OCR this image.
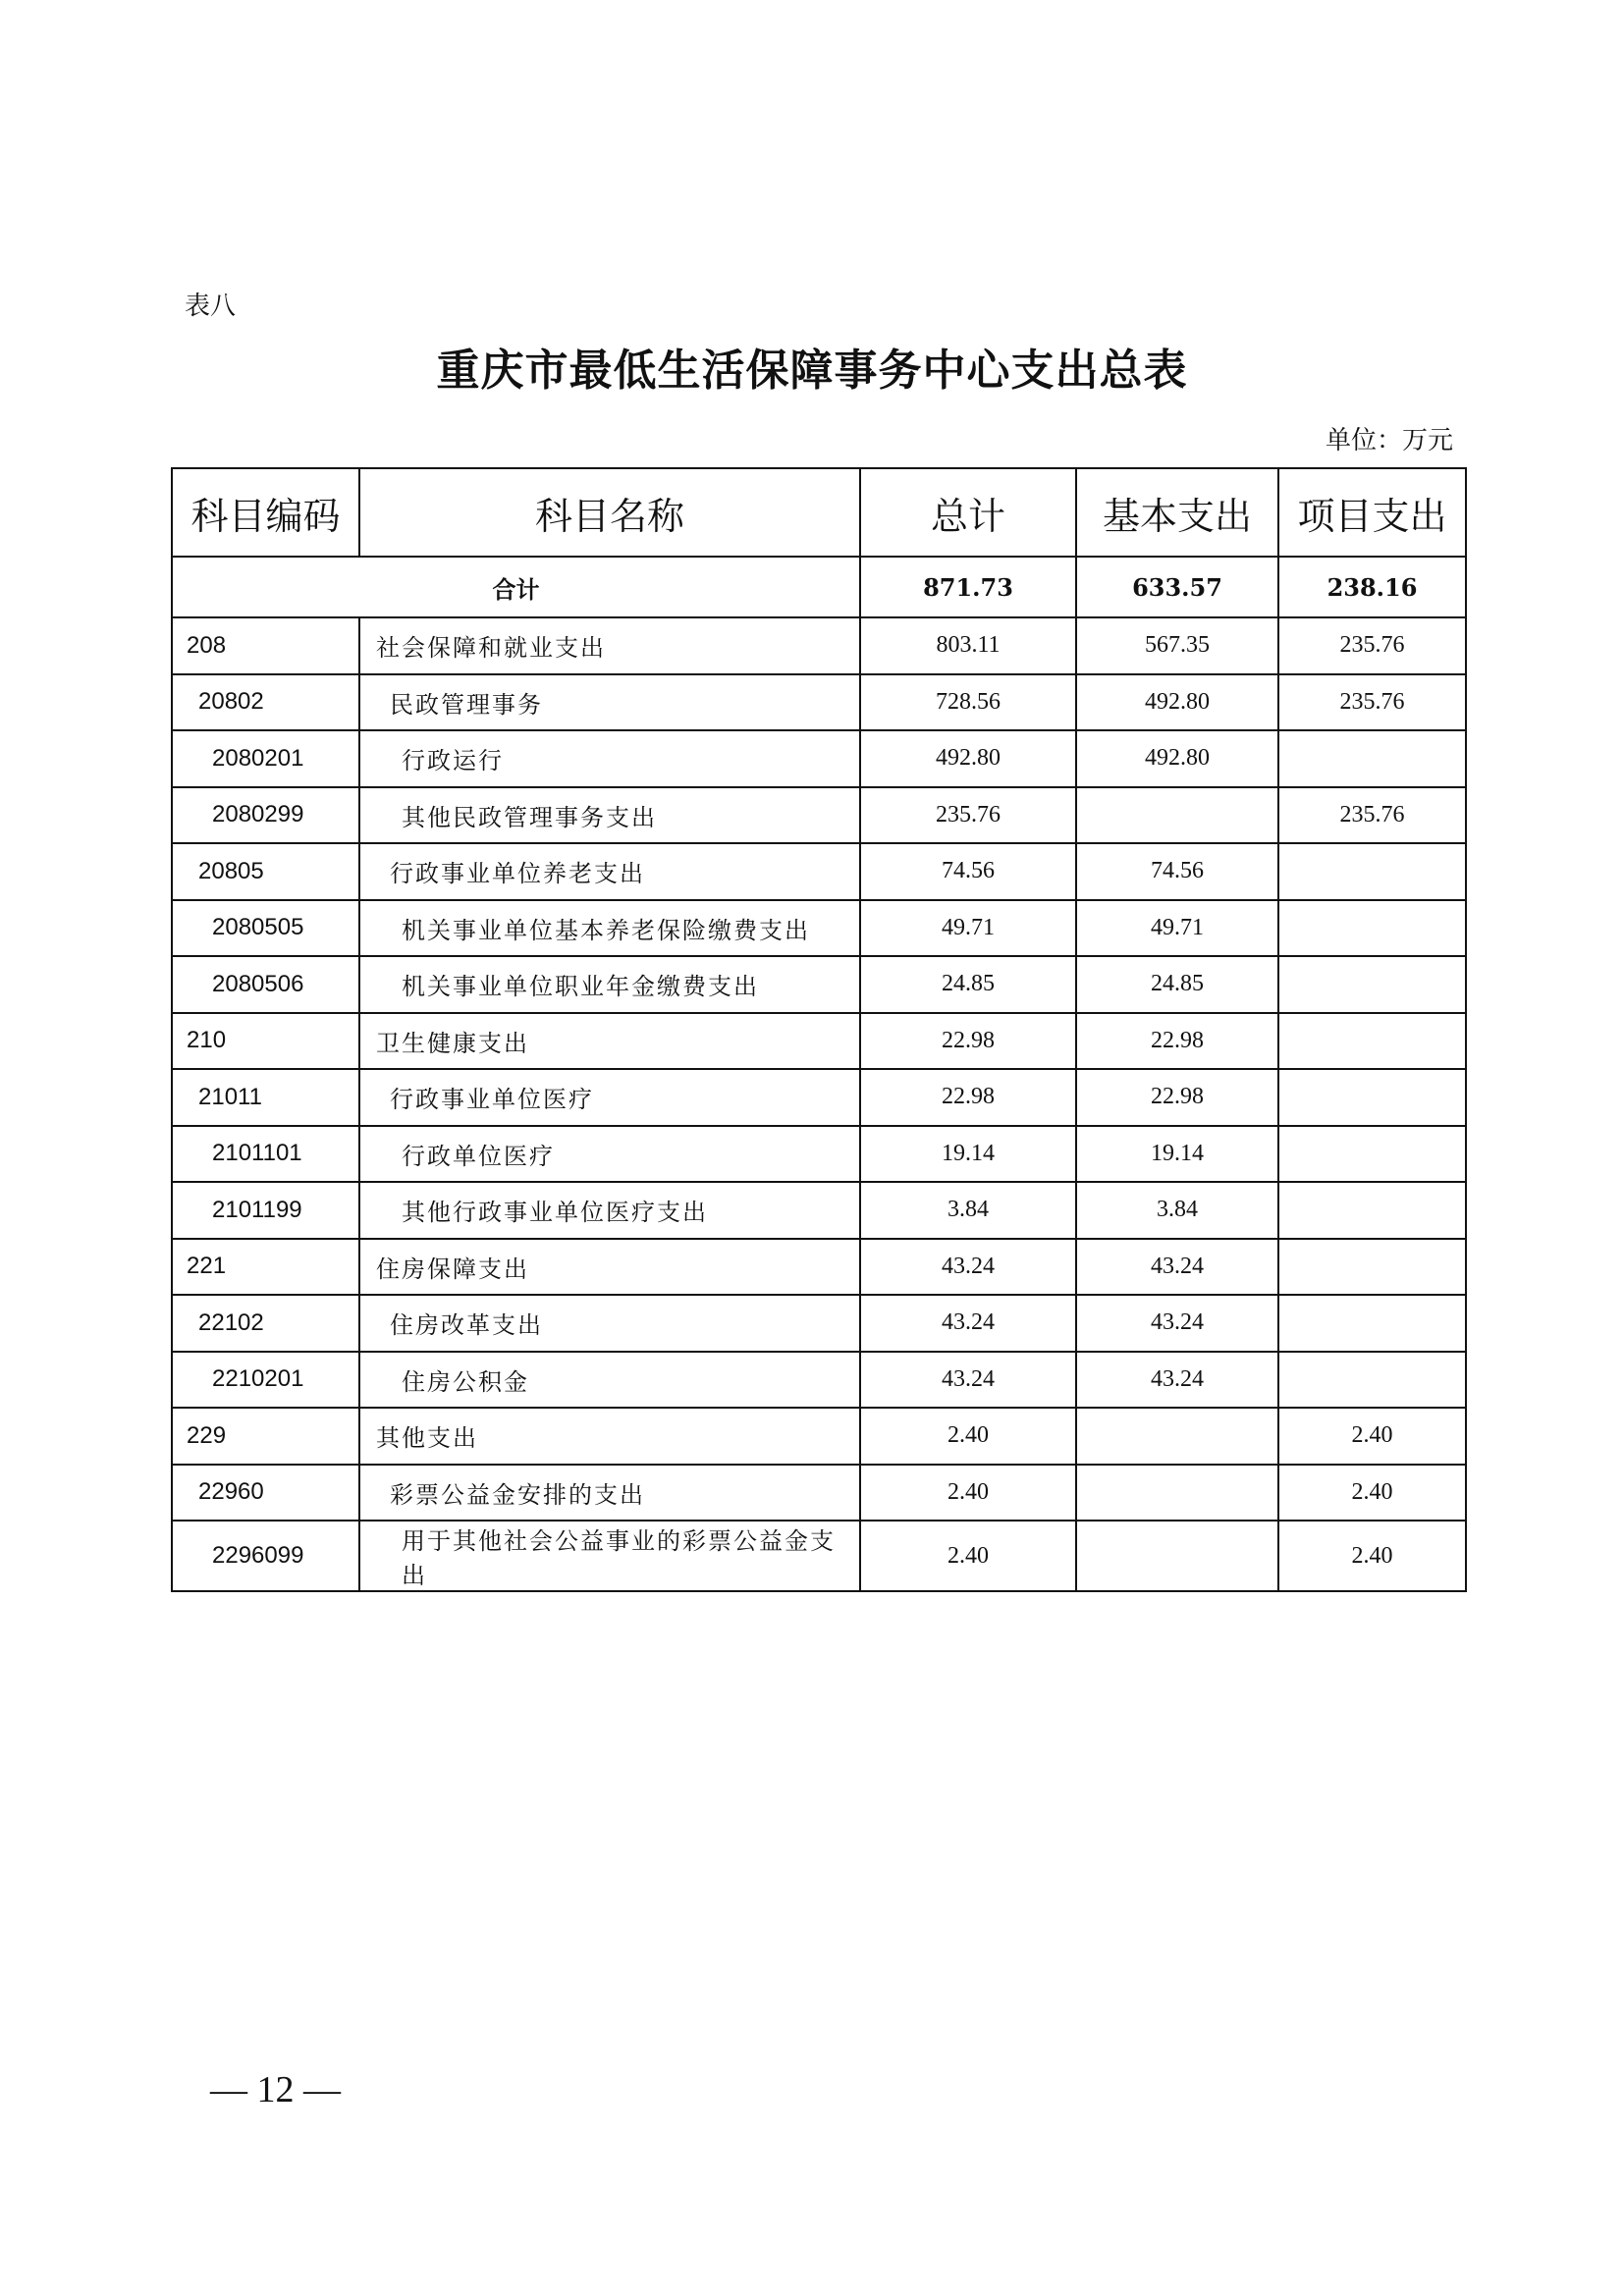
表八
重庆市最低生活保障事务中心支出总表
单位：万元
科目编码	科目名称	总计	基本支出	项目支出
合计		871.73	633.57	238.16
208	社会保障和就业支出	803.11	567.35	235.76
20802	民政管理事务	728.56	492.80	235.76
2080201	行政运行	492.80	492.80	
2080299	其他民政管理事务支出	235.76		235.76
20805	行政事业单位养老支出	74.56	74.56	
2080505	机关事业单位基本养老保险缴费支出	49.71	49.71	
2080506	机关事业单位职业年金缴费支出	24.85	24.85	
210	卫生健康支出	22.98	22.98	
21011	行政事业单位医疗	22.98	22.98	
2101101	行政单位医疗	19.14	19.14	
2101199	其他行政事业单位医疗支出	3.84	3.84	
221	住房保障支出	43.24	43.24	
22102	住房改革支出	43.24	43.24	
2210201	住房公积金	43.24	43.24	
229	其他支出	2.40		2.40
22960	彩票公益金安排的支出	2.40		2.40
2296099	用于其他社会公益事业的彩票公益金支出	2.40		2.40
— 12 —
